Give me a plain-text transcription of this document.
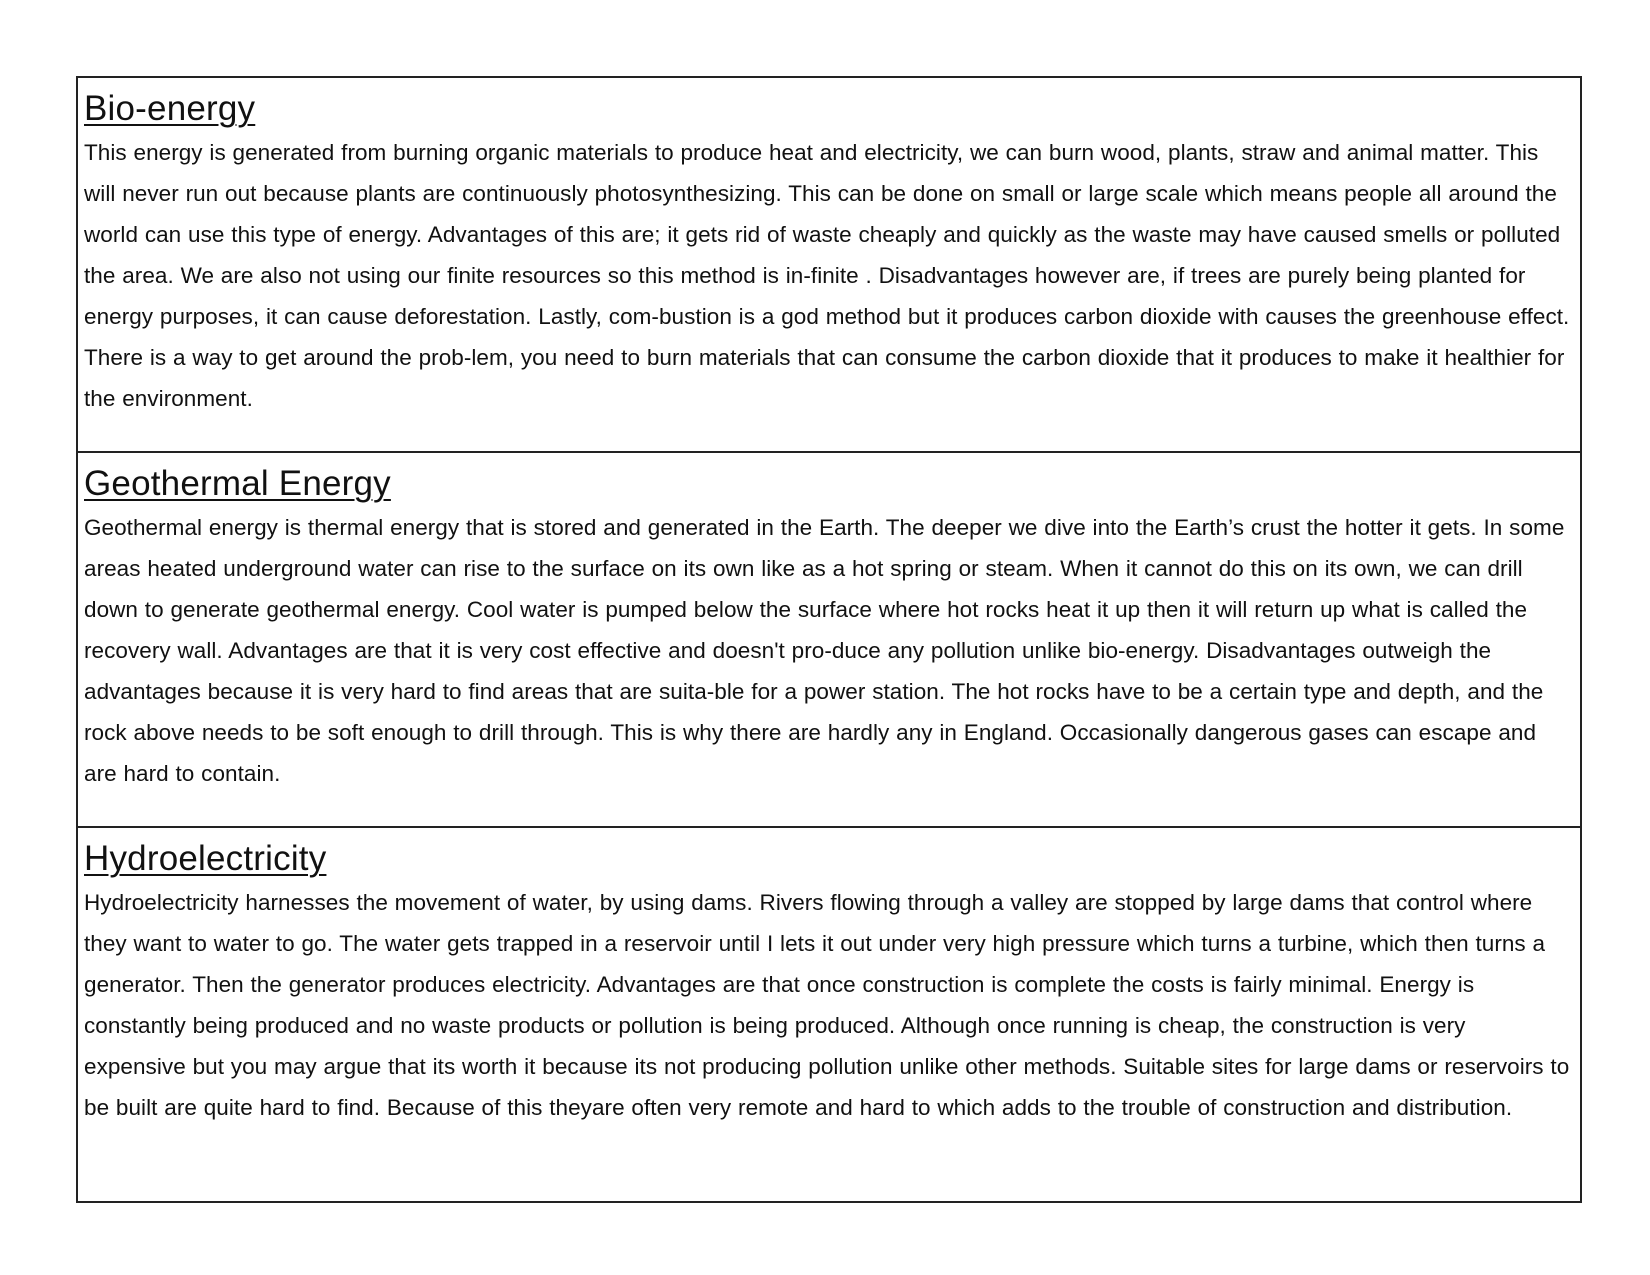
Bio-energy

This energy is generated from burning organic materials to produce heat and electricity, we can burn wood, plants, straw and animal matter. This will never run out because plants are continuously photosynthesizing. This can be done on small or large scale which means people all around the world can use this type of energy. Advantages of this are; it gets rid of waste cheaply and quickly as the waste may have caused smells or polluted the area. We are also not using our finite resources so this method is in-finite . Disadvantages however are, if trees are purely being planted for energy purposes, it can cause deforestation. Lastly, com-bustion is a god method but it produces carbon dioxide with causes the greenhouse effect. There is a way to get around the prob-lem, you need to burn materials that can consume the carbon dioxide that it produces to make it healthier for the environment.

Geothermal Energy

Geothermal energy is thermal energy that is stored and generated in the Earth. The deeper we dive into the Earth’s crust the hotter it gets. In some areas heated underground water can rise to the surface on its own like as a hot spring or steam. When it cannot do this on its own, we can drill down to generate geothermal energy. Cool water is pumped below the surface where hot rocks heat it up then it will return up what is called the recovery wall. Advantages are that it is very cost effective and doesn't pro-duce any pollution unlike bio-energy. Disadvantages outweigh the advantages because it is very hard to find areas that are suita-ble for a power station. The hot rocks have to be a certain type and depth, and the rock above needs to be soft enough to drill through. This is why there are hardly any in England. Occasionally dangerous gases can escape and are hard to contain.

Hydroelectricity

Hydroelectricity harnesses the movement of water, by using dams. Rivers flowing through a valley are stopped by large dams that control where they want to water to go. The water gets trapped in a reservoir until I lets it out under very high pressure which turns a turbine, which then turns a generator. Then the generator produces electricity. Advantages are that once construction is complete the costs is fairly minimal. Energy is constantly being produced and no waste products or pollution is being produced. Although once running is cheap, the construction is very expensive but you may argue that its worth it because its not producing pollution unlike other methods. Suitable sites for large dams or reservoirs to be built are quite hard to find. Because of this theyare often very remote and hard to which adds to the trouble of construction and distribution.
